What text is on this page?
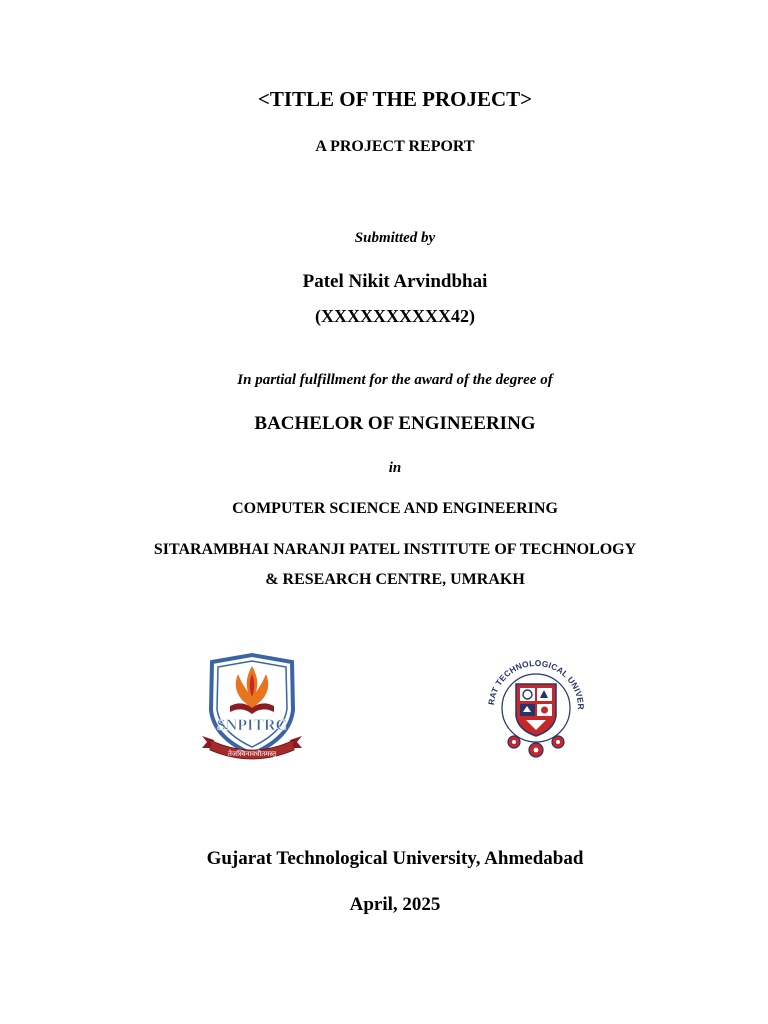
<TITLE OF THE PROJECT>
A PROJECT REPORT
Submitted by
Patel Nikit Arvindbhai
(XXXXXXXXXX42)
In partial fulfillment for the award of the degree of
BACHELOR OF ENGINEERING
in
COMPUTER SCIENCE AND ENGINEERING
SITARAMBHAI NARANJI PATEL INSTITUTE OF TECHNOLOGY
& RESEARCH CENTRE, UMRAKH
SNPITRC
तेजस्विनावधीतमस्तु
RAT TECHNOLOGICAL UNIVER
Gujarat Technological University, Ahmedabad
April, 2025
